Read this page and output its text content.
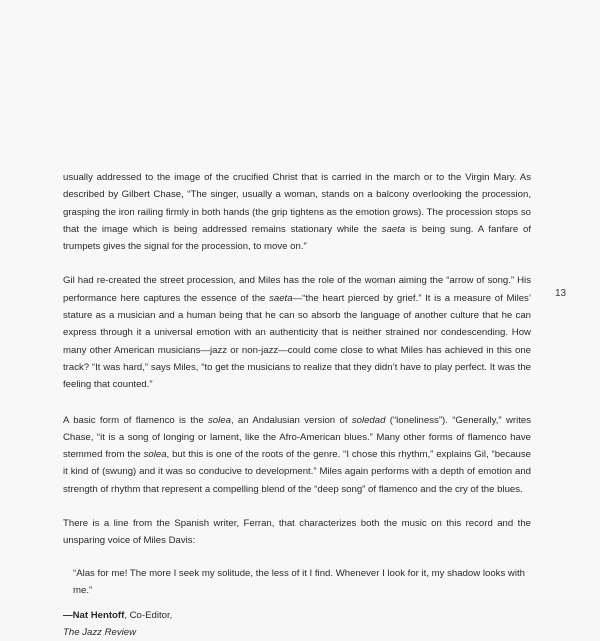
usually addressed to the image of the crucified Christ that is carried in the march or to the Virgin Mary. As described by Gilbert Chase, “The singer, usually a woman, stands on a balcony overlooking the procession, grasping the iron railing firmly in both hands (the grip tightens as the emotion grows). The procession stops so that the image which is being addressed remains stationary while the saeta is being sung. A fanfare of trumpets gives the signal for the procession, to move on.”

Gil had re-created the street procession, and Miles has the role of the woman aiming the “arrow of song.” His performance here captures the essence of the saeta—“the heart pierced by grief.” It is a measure of Miles’ stature as a musician and a human being that he can so absorb the language of another culture that he can express through it a universal emotion with an authenticity that is neither strained nor condescending. How many other American musicians—jazz or non-jazz—could come close to what Miles has achieved in this one track? “It was hard,” says Miles, “to get the musicians to realize that they didn’t have to play perfect. It was the feeling that counted.”

A basic form of flamenco is the solea, an Andalusian version of soledad (“loneliness”). “Generally,” writes Chase, “it is a song of longing or lament, like the Afro-American blues.” Many other forms of flamenco have stemmed from the solea, but this is one of the roots of the genre. “I chose this rhythm,” explains Gil, “because it kind of (swung) and it was so conducive to development.” Miles again performs with a depth of emotion and strength of rhythm that represent a compelling blend of the “deep song” of flamenco and the cry of the blues.

There is a line from the Spanish writer, Ferran, that characterizes both the music on this record and the unsparing voice of Miles Davis:

“Alas for me! The more I seek my solitude, the less of it I find. Whenever I look for it, my shadow looks with me.”

—Nat Hentoff, Co-Editor,
The Jazz Review

13
